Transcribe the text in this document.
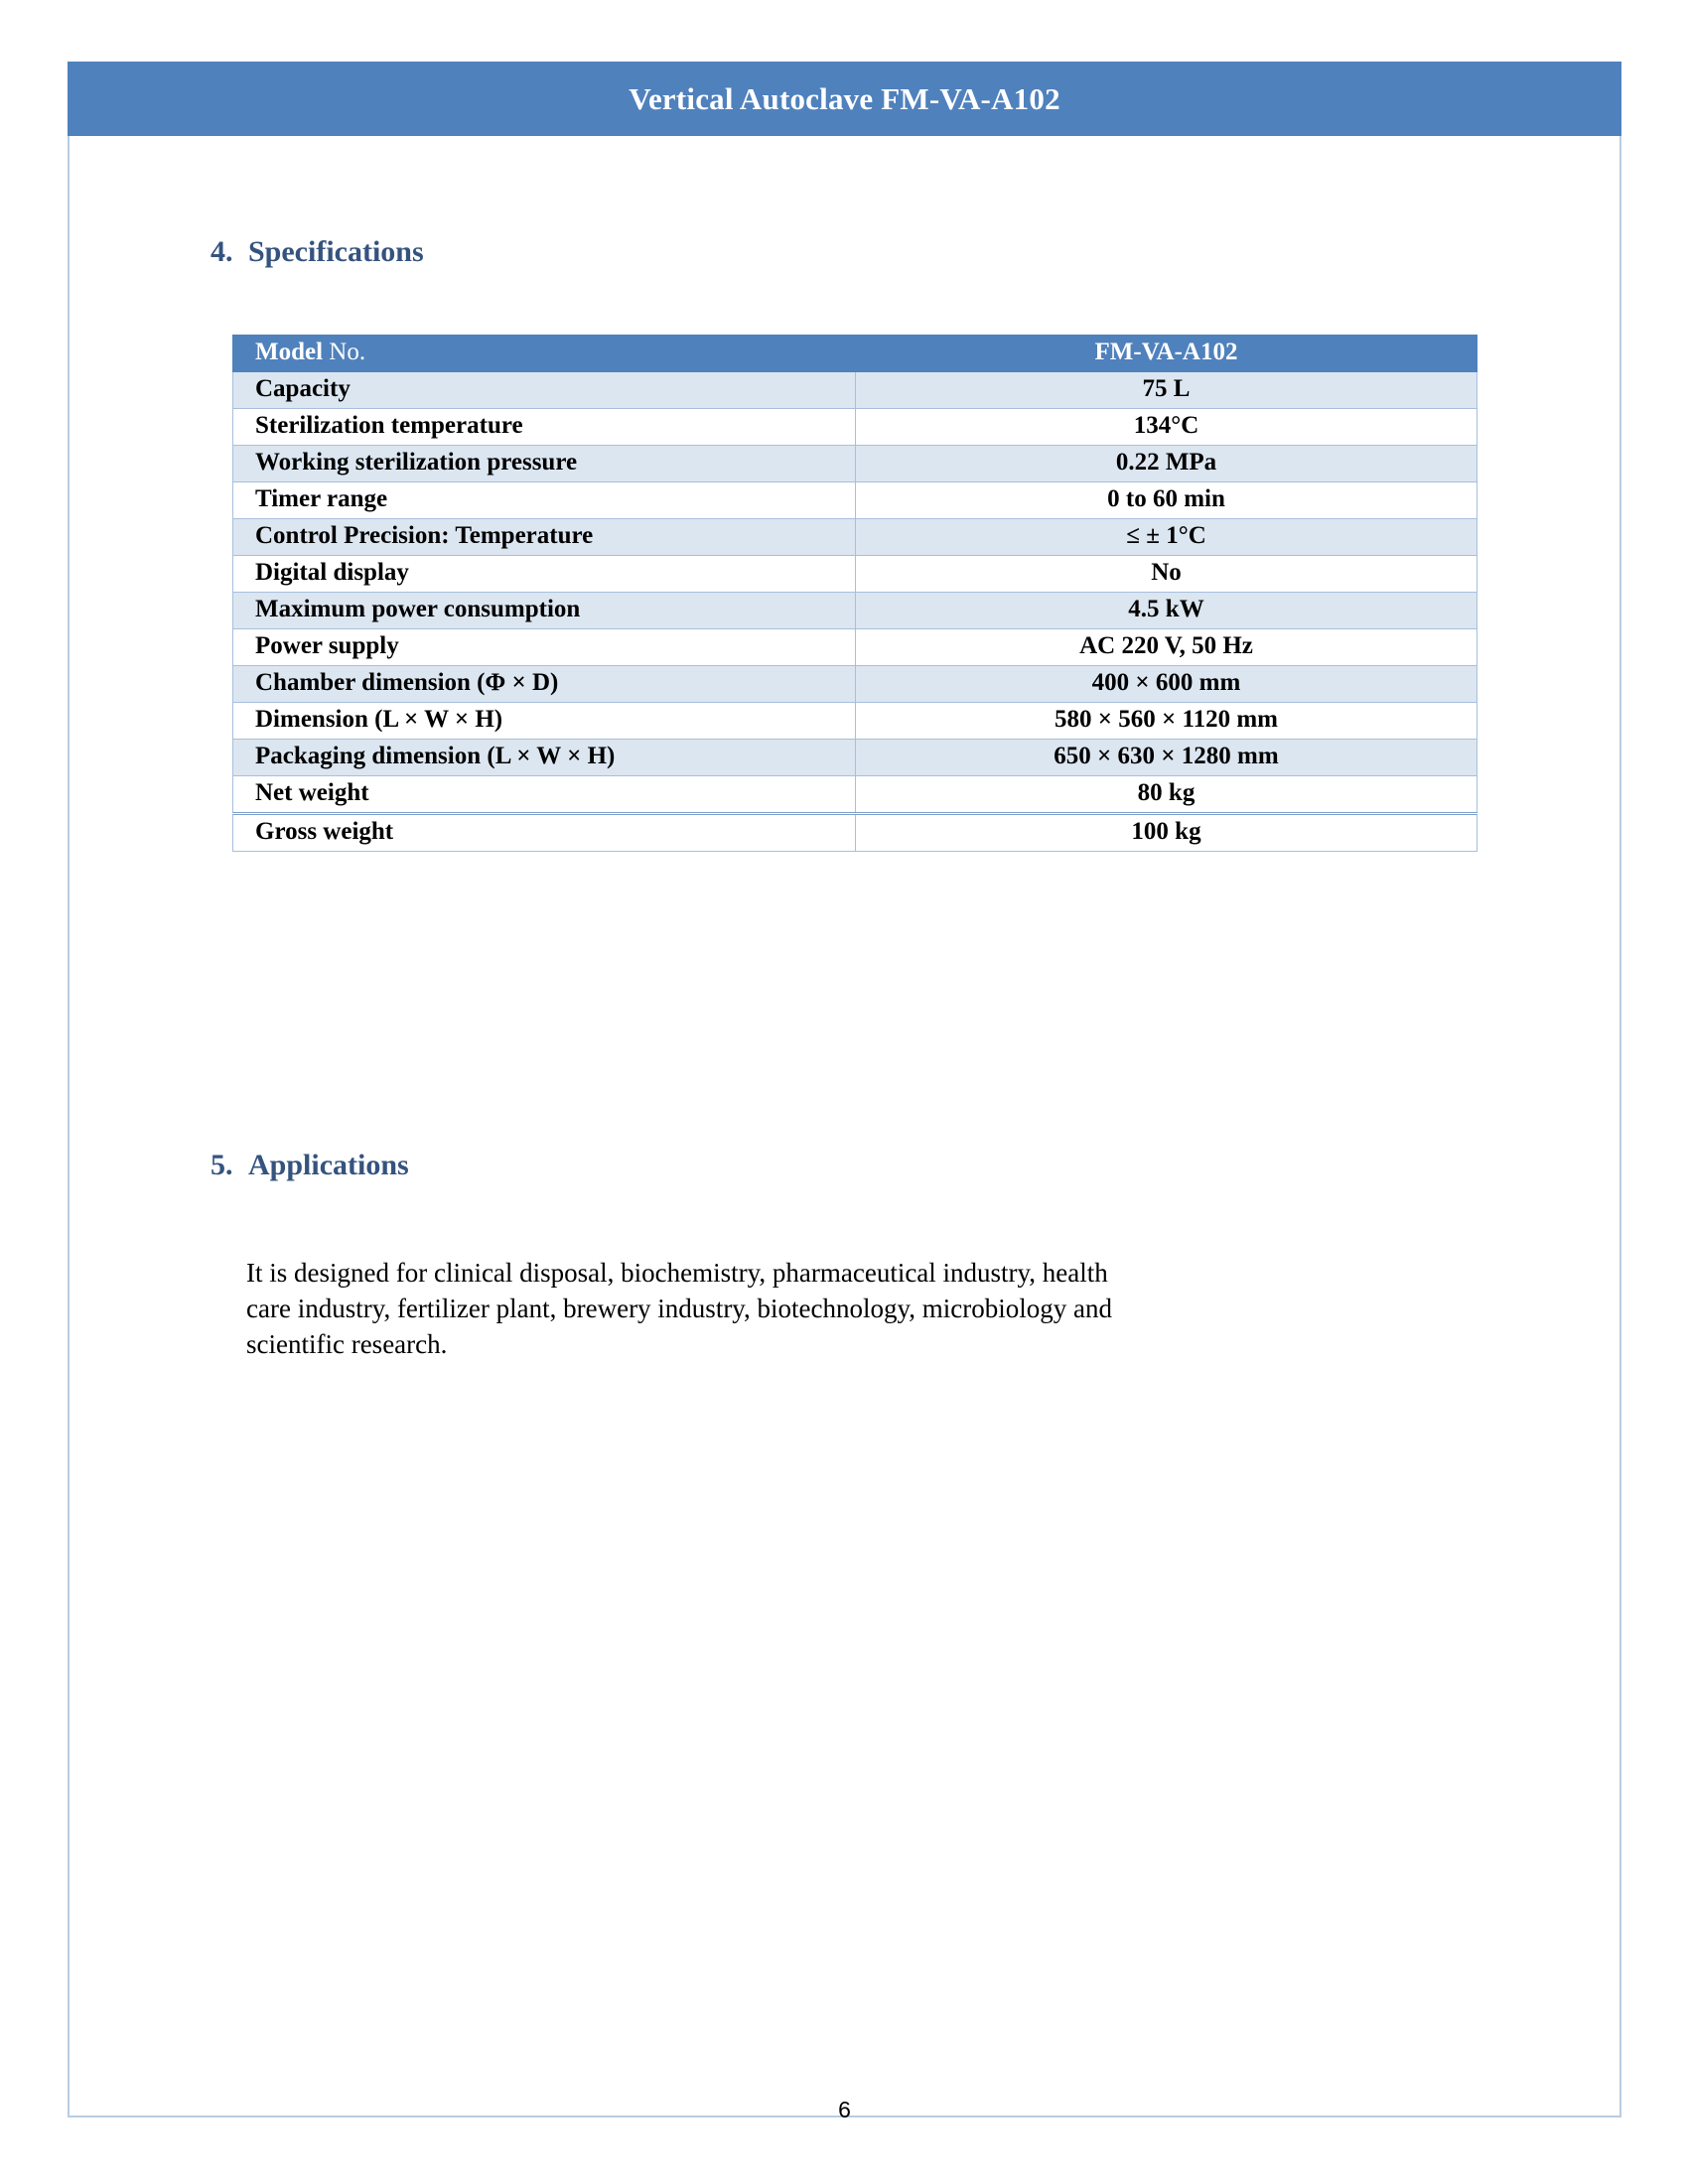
Vertical Autoclave FM-VA-A102
4. Specifications
Model No.	FM-VA-A102
Capacity	75 L
Sterilization temperature	134°C
Working sterilization pressure	0.22 MPa
Timer range	0 to 60 min
Control Precision: Temperature	≤ ± 1°C
Digital display	No
Maximum power consumption	4.5 kW
Power supply	AC 220 V, 50 Hz
Chamber dimension (Φ × D)	400 × 600 mm
Dimension (L × W × H)	580 × 560 × 1120 mm
Packaging dimension (L × W × H)	650 × 630 × 1280 mm
Net weight	80 kg
Gross weight	100 kg
5. Applications

It is designed for clinical disposal, biochemistry, pharmaceutical industry, health care industry, fertilizer plant, brewery industry, biotechnology, microbiology and scientific research.

6
